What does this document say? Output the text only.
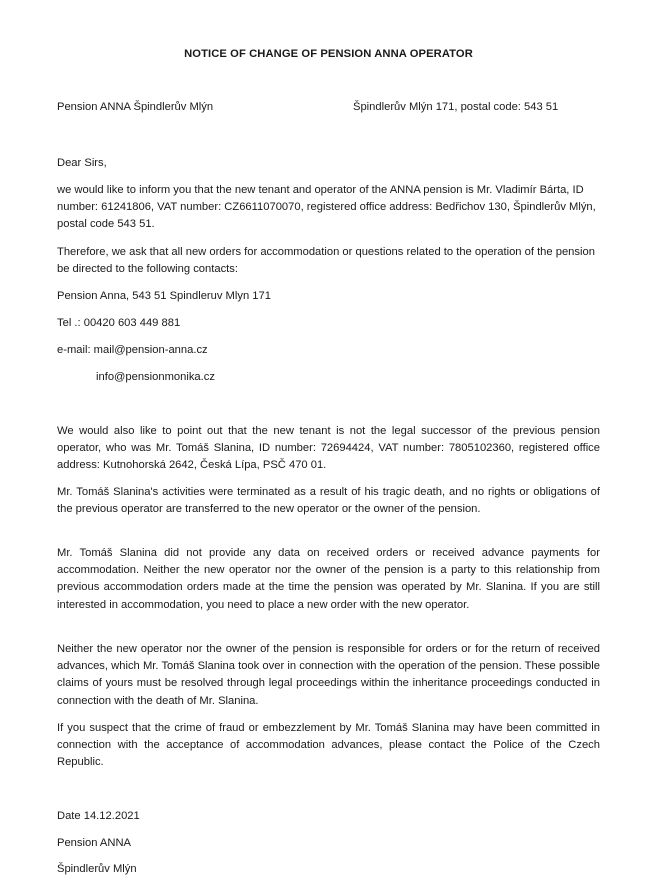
NOTICE OF CHANGE OF PENSION ANNA OPERATOR
Pension ANNA Špindlerův Mlýn	Špindlerův Mlýn 171, postal code: 543 51
Dear Sirs,
we would like to inform you that the new tenant and operator of the ANNA pension is Mr. Vladimír Bárta, ID number: 61241806, VAT number: CZ6611070070, registered office address: Bedřichov 130, Špindlerův Mlýn, postal code 543 51.
Therefore, we ask that all new orders for accommodation or questions related to the operation of the pension be directed to the following contacts:
Pension Anna, 543 51 Spindleruv Mlyn 171
Tel .: 00420 603 449 881
e-mail: mail@pension-anna.cz
info@pensionmonika.cz
We would also like to point out that the new tenant is not the legal successor of the previous pension operator, who was Mr. Tomáš Slanina, ID number: 72694424, VAT number: 7805102360, registered office address: Kutnohorská 2642, Česká Lípa, PSČ 470 01.
Mr. Tomáš Slanina's activities were terminated as a result of his tragic death, and no rights or obligations of the previous operator are transferred to the new operator or the owner of the pension.
Mr. Tomáš Slanina did not provide any data on received orders or received advance payments for accommodation. Neither the new operator nor the owner of the pension is a party to this relationship from previous accommodation orders made at the time the pension was operated by Mr. Slanina. If you are still interested in accommodation, you need to place a new order with the new operator.
Neither the new operator nor the owner of the pension is responsible for orders or for the return of received advances, which Mr. Tomáš Slanina took over in connection with the operation of the pension. These possible claims of yours must be resolved through legal proceedings within the inheritance proceedings conducted in connection with the death of Mr. Slanina.
If you suspect that the crime of fraud or embezzlement by Mr. Tomáš Slanina may have been committed in connection with the acceptance of accommodation advances, please contact the Police of the Czech Republic.
Date 14.12.2021
Pension ANNA
Špindlerův Mlýn
